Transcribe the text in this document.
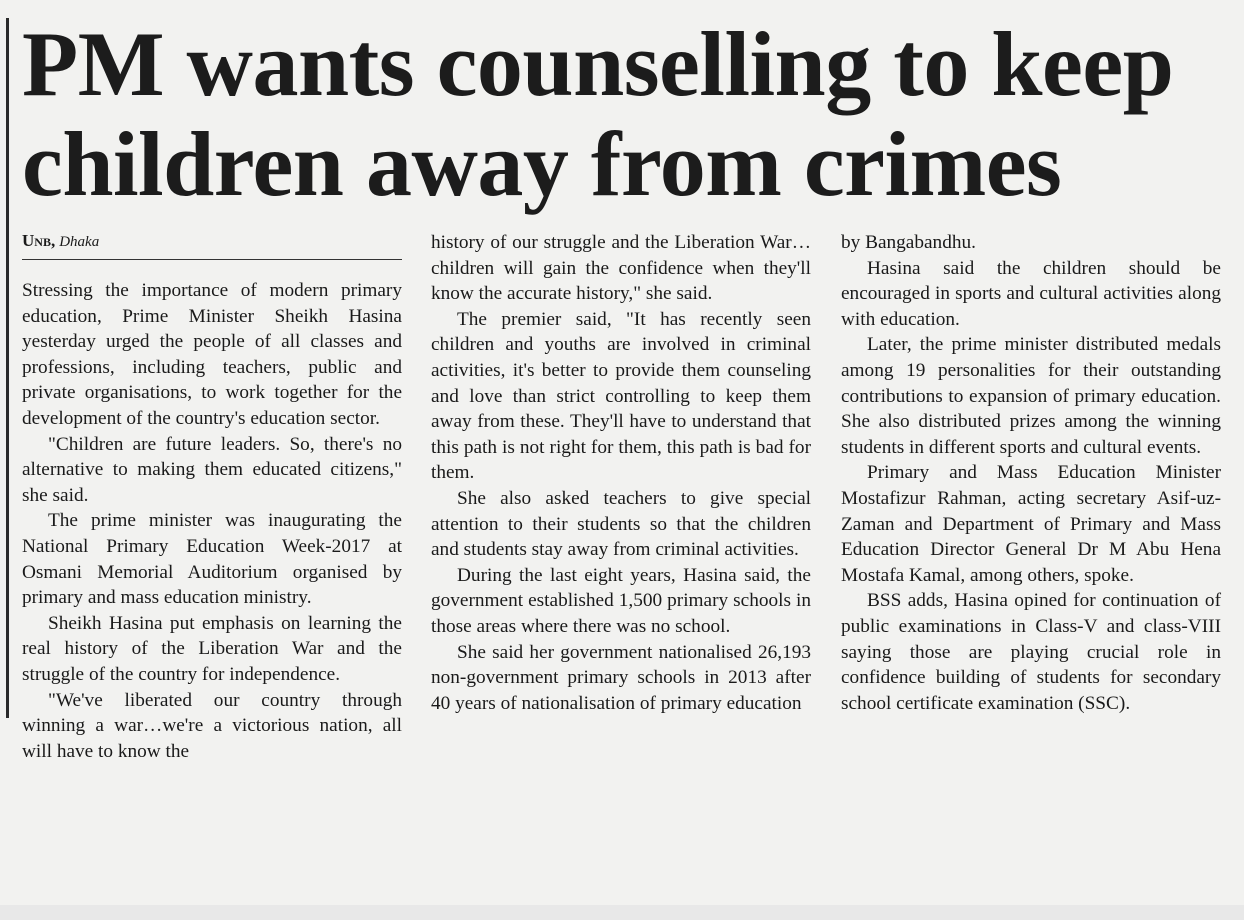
PM wants counselling to keep children away from crimes
Unb, Dhaka

Stressing the importance of modern primary education, Prime Minister Sheikh Hasina yesterday urged the people of all classes and professions, including teachers, public and private organisations, to work together for the development of the country's education sector.

"Children are future leaders. So, there's no alternative to making them educated citizens," she said.

The prime minister was inaugurating the National Primary Education Week-2017 at Osmani Memorial Auditorium organised by primary and mass education ministry.

Sheikh Hasina put emphasis on learning the real history of the Liberation War and the struggle of the country for independence.

"We've liberated our country through winning a war…we're a victorious nation, all will have to know the

history of our struggle and the Liberation War…children will gain the confidence when they'll know the accurate history," she said.

The premier said, "It has recently seen children and youths are involved in criminal activities, it's better to provide them counseling and love than strict controlling to keep them away from these. They'll have to understand that this path is not right for them, this path is bad for them.

She also asked teachers to give special attention to their students so that the children and students stay away from criminal activities.

During the last eight years, Hasina said, the government established 1,500 primary schools in those areas where there was no school.

She said her government nationalised 26,193 non-government primary schools in 2013 after 40 years of nationalisation of primary education

by Bangabandhu.

Hasina said the children should be encouraged in sports and cultural activities along with education.

Later, the prime minister distributed medals among 19 personalities for their outstanding contributions to expansion of primary education. She also distributed prizes among the winning students in different sports and cultural events.

Primary and Mass Education Minister Mostafizur Rahman, acting secretary Asif-uz-Zaman and Department of Primary and Mass Education Director General Dr M Abu Hena Mostafa Kamal, among others, spoke.

BSS adds, Hasina opined for continuation of public examinations in Class-V and class-VIII saying those are playing crucial role in confidence building of students for secondary school certificate examination (SSC).
